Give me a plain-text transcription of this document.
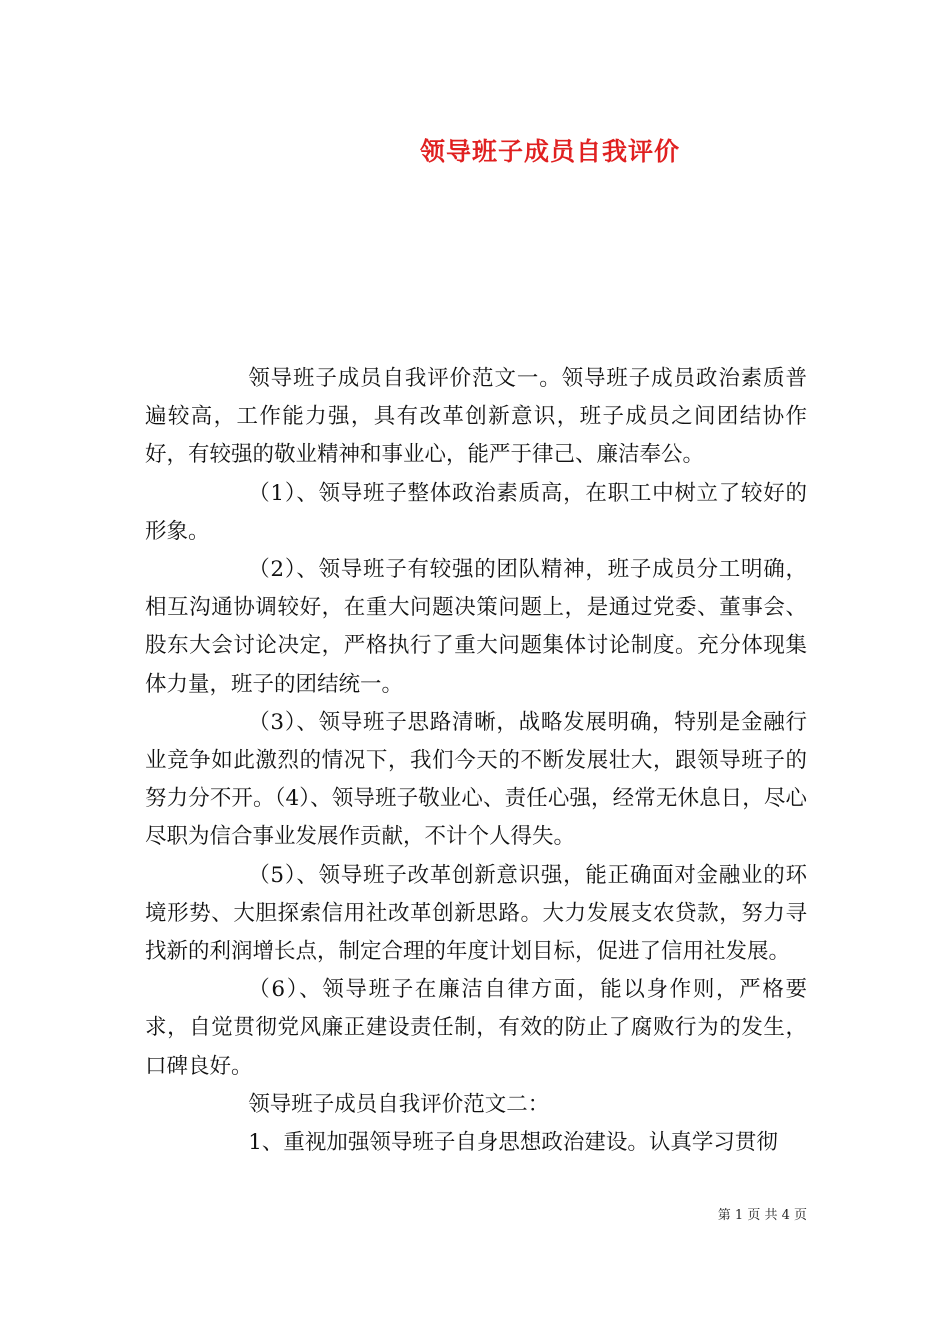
领导班子成员自我评价

领导班子成员自我评价范文一。领导班子成员政治素质普遍较高，工作能力强，具有改革创新意识，班子成员之间团结协作好，有较强的敬业精神和事业心，能严于律己、廉洁奉公。

（1）、领导班子整体政治素质高，在职工中树立了较好的形象。

（2）、领导班子有较强的团队精神，班子成员分工明确，相互沟通协调较好，在重大问题决策问题上，是通过党委、董事会、股东大会讨论决定，严格执行了重大问题集体讨论制度。充分体现集体力量，班子的团结统一。

（3）、领导班子思路清晰，战略发展明确，特别是金融行业竞争如此激烈的情况下，我们今天的不断发展壮大，跟领导班子的努力分不开。（4）、领导班子敬业心、责任心强，经常无休息日，尽心尽职为信合事业发展作贡献，不计个人得失。

（5）、领导班子改革创新意识强，能正确面对金融业的环境形势、大胆探索信用社改革创新思路。大力发展支农贷款，努力寻找新的利润增长点，制定合理的年度计划目标，促进了信用社发展。

（6）、领导班子在廉洁自律方面，能以身作则，严格要求，自觉贯彻党风廉正建设责任制，有效的防止了腐败行为的发生，口碑良好。

领导班子成员自我评价范文二：

1、重视加强领导班子自身思想政治建设。认真学习贯彻

第 1 页 共 4 页
